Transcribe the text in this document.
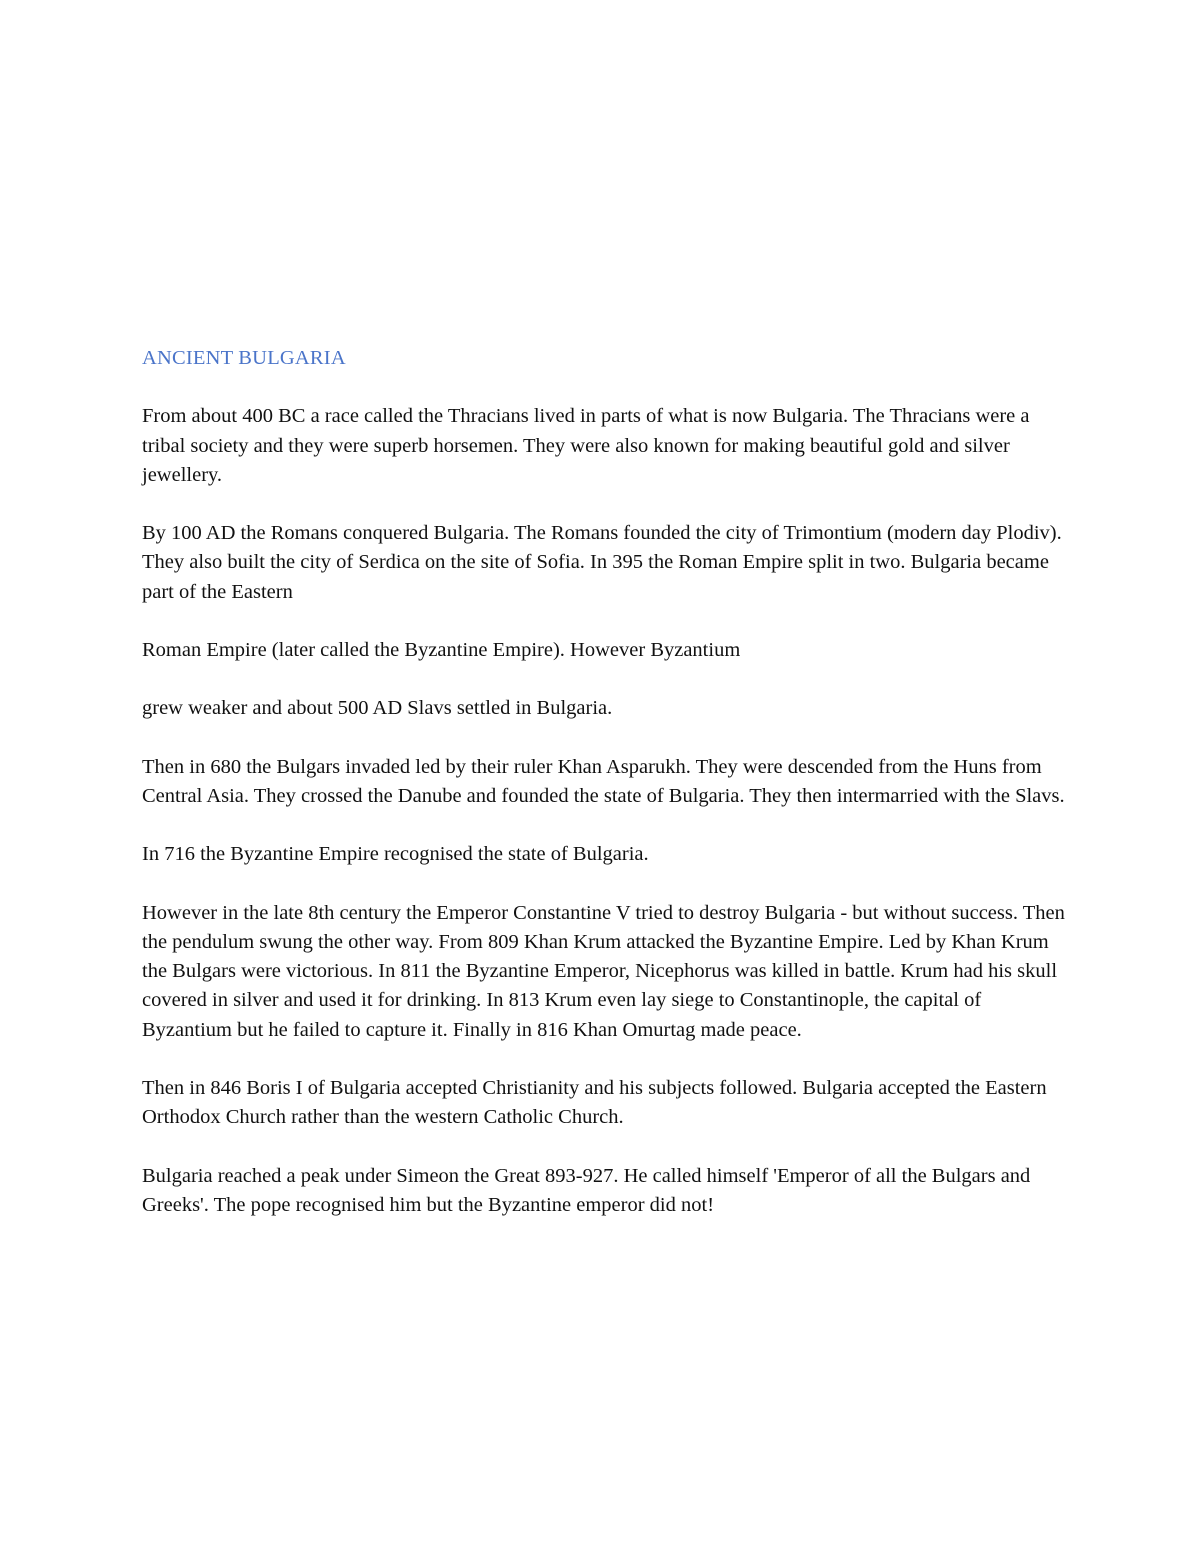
ANCIENT BULGARIA

From about 400 BC a race called the Thracians lived in parts of what is now Bulgaria. The Thracians were a tribal society and they were superb horsemen. They were also known for making beautiful gold and silver jewellery.

By 100 AD the Romans conquered Bulgaria. The Romans founded the city of Trimontium (modern day Plodiv). They also built the city of Serdica on the site of Sofia. In 395 the Roman Empire split in two. Bulgaria became part of the Eastern

Roman Empire (later called the Byzantine Empire). However Byzantium

grew weaker and about 500 AD Slavs settled in Bulgaria.

Then in 680 the Bulgars invaded led by their ruler Khan Asparukh. They were descended from the Huns from Central Asia. They crossed the Danube and founded the state of Bulgaria. They then intermarried with the Slavs.

In 716 the Byzantine Empire recognised the state of Bulgaria.

However in the late 8th century the Emperor Constantine V tried to destroy Bulgaria - but without success. Then the pendulum swung the other way. From 809 Khan Krum attacked the Byzantine Empire. Led by Khan Krum the Bulgars were victorious. In 811 the Byzantine Emperor, Nicephorus was killed in battle. Krum had his skull covered in silver and used it for drinking. In 813 Krum even lay siege to Constantinople, the capital of Byzantium but he failed to capture it. Finally in 816 Khan Omurtag made peace.

Then in 846 Boris I of Bulgaria accepted Christianity and his subjects followed. Bulgaria accepted the Eastern Orthodox Church rather than the western Catholic Church.

Bulgaria reached a peak under Simeon the Great 893-927. He called himself 'Emperor of all the Bulgars and Greeks'. The pope recognised him but the Byzantine emperor did not!
